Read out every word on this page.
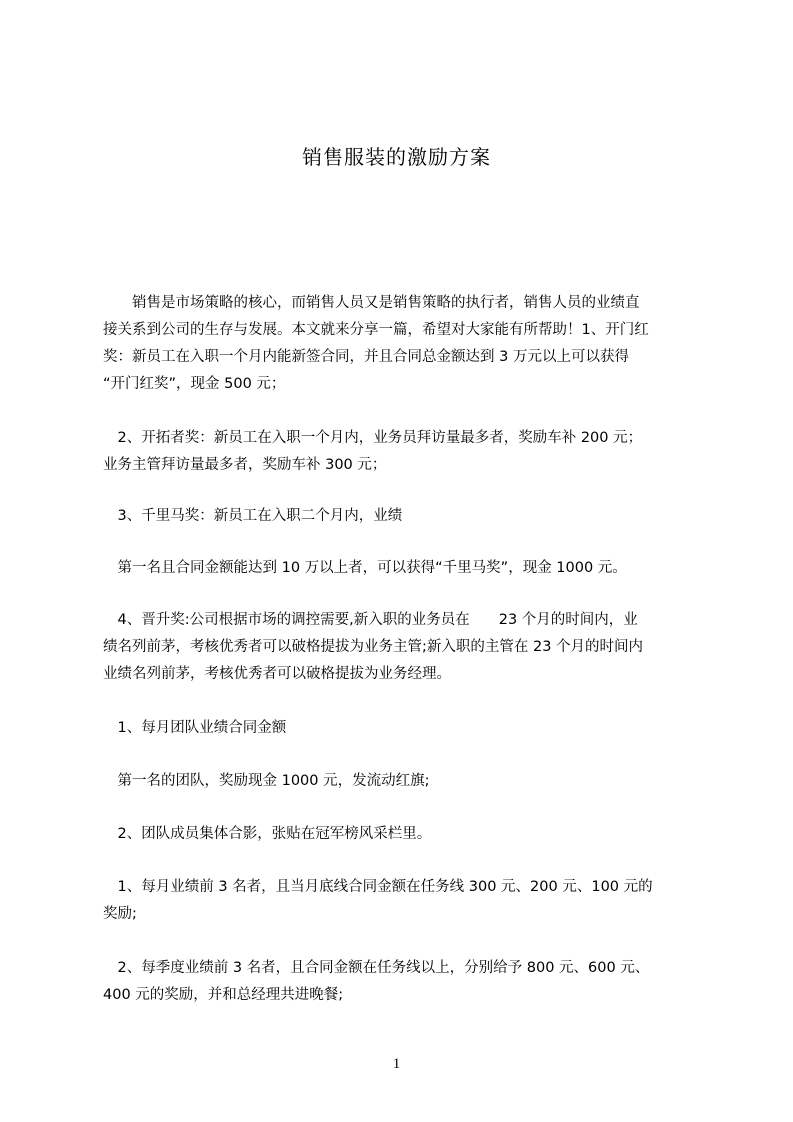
销售服装的激励方案
　　销售是市场策略的核心，而销售人员又是销售策略的执行者，销售人员的业绩直
接关系到公司的生存与发展。本文就来分享一篇，希望对大家能有所帮助！1、开门红
奖：新员工在入职一个月内能新签合同，并且合同总金额达到 3 万元以上可以获得
“开门红奖”，现金 500 元；
　2、开拓者奖：新员工在入职一个月内，业务员拜访量最多者，奖励车补 200 元；
业务主管拜访量最多者，奖励车补 300 元；
　3、千里马奖：新员工在入职二个月内，业绩
　第一名且合同金额能达到 10 万以上者，可以获得“千里马奖”，现金 1000 元。
　4、晋升奖:公司根据市场的调控需要,新入职的业务员在　　23 个月的时间内，业
绩名列前茅，考核优秀者可以破格提拔为业务主管;新入职的主管在 23 个月的时间内
业绩名列前茅，考核优秀者可以破格提拔为业务经理。
　1、每月团队业绩合同金额
　第一名的团队，奖励现金 1000 元，发流动红旗;
　2、团队成员集体合影，张贴在冠军榜风采栏里。
　1、每月业绩前 3 名者，且当月底线合同金额在任务线 300 元、200 元、100 元的
奖励;
　2、每季度业绩前 3 名者，且合同金额在任务线以上，分别给予 800 元、600 元、
400 元的奖励，并和总经理共进晚餐;
1
